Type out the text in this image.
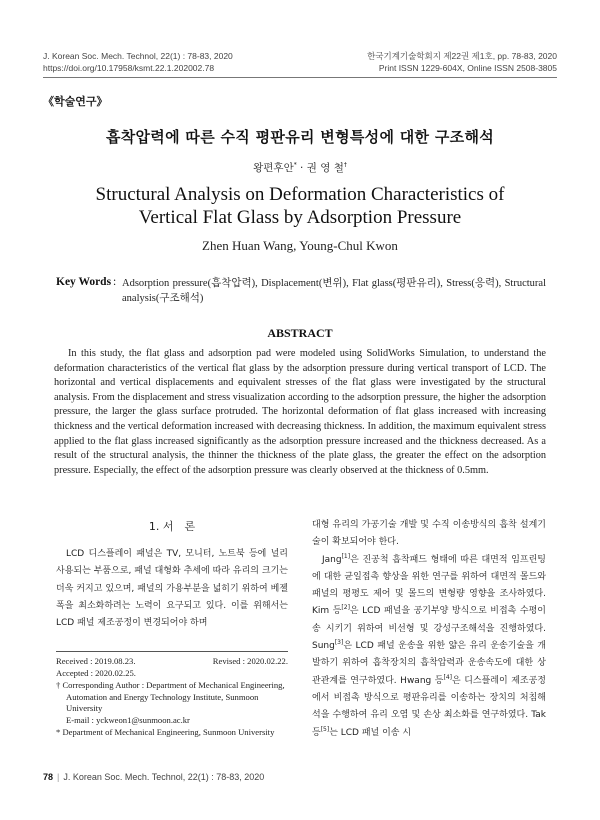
J. Korean Soc. Mech. Technol, 22(1) : 78-83, 2020
https://doi.org/10.17958/ksmt.22.1.202002.78
한국기계기술학회지 제22권 제1호, pp. 78-83, 2020
Print ISSN 1229-604X, Online ISSN 2508-3805
《학술연구》
흡착압력에 따른 수직 평판유리 변형특성에 대한 구조해석
왕편후안* · 권 영 철†
Structural Analysis on Deformation Characteristics of
Vertical Flat Glass by Adsorption Pressure
Zhen Huan Wang, Young-Chul Kwon
Key Words : Adsorption pressure(흡착압력), Displacement(변위), Flat glass(평판유리), Stress(응력), Structural analysis(구조해석)
ABSTRACT

In this study, the flat glass and adsorption pad were modeled using SolidWorks Simulation, to understand the deformation characteristics of the vertical flat glass by the adsorption pressure during vertical transport of LCD. The horizontal and vertical displacements and equivalent stresses of the flat glass were investigated by the structural analysis. From the displacement and stress visualization according to the adsorption pressure, the higher the adsorption pressure, the larger the glass surface protruded. The horizontal deformation of flat glass increased with increasing thickness and the vertical deformation increased with decreasing thickness. In addition, the maximum equivalent stress applied to the flat glass increased significantly as the adsorption pressure increased and the thickness decreased. As a result of the structural analysis, the thinner the thickness of the plate glass, the greater the effect on the adsorption pressure. Especially, the effect of the adsorption pressure was clearly observed at the thickness of 0.5mm.

1. 서　론

LCD 디스플레이 패널은 TV, 모니터, 노트북 등에 널리 사용되는 부품으로, 패널 대형화 추세에 따라 유리의 크기는 더욱 커지고 있으며, 패널의 가용부분을 넓히기 위하여 베젤 폭을 최소화하려는 노력이 요구되고 있다. 이를 위해서는 LCD 패널 제조공정이 변경되어야 하며

대형 유리의 가공기술 개발 및 수직 이송방식의 흡착 설계기술이 확보되어야 한다.
Jang[1]은 진공척 흡착패드 형태에 따른 대면적 임프린팅에 대한 균일접촉 향상을 위한 연구를 위하여 대면적 몰드와 패널의 평평도 제어 및 몰드의 변형량 영향을 조사하였다. Kim 등[2]은 LCD 패널을 공기부양 방식으로 비접촉 수평이송 시키기 위하여 비선형 및 강성구조해석을 진행하였다. Sung[3]은 LCD 패널 운송을 위한 얇은 유리 운송기술을 개발하기 위하여 흡착장치의 흡착압력과 운송속도에 대한 상관관계를 연구하였다. Hwang 등[4]은 디스플레이 제조공정에서 비접촉 방식으로 평판유리를 이송하는 장치의 처침해석을 수행하여 유리 오염 및 손상 최소화를 연구하였다. Tak 등[5]는 LCD 패널 이송 시
Received : 2019.08.23.	Revised : 2020.02.22.
Accepted : 2020.02.25.
† Corresponding Author : Department of Mechanical Engineering, Automation and Energy Technology Institute, Sunmoon University
E-mail : yckweon1@sunmoon.ac.kr
* Department of Mechanical Engineering, Sunmoon University
78 | J. Korean Soc. Mech. Technol, 22(1) : 78-83, 2020
